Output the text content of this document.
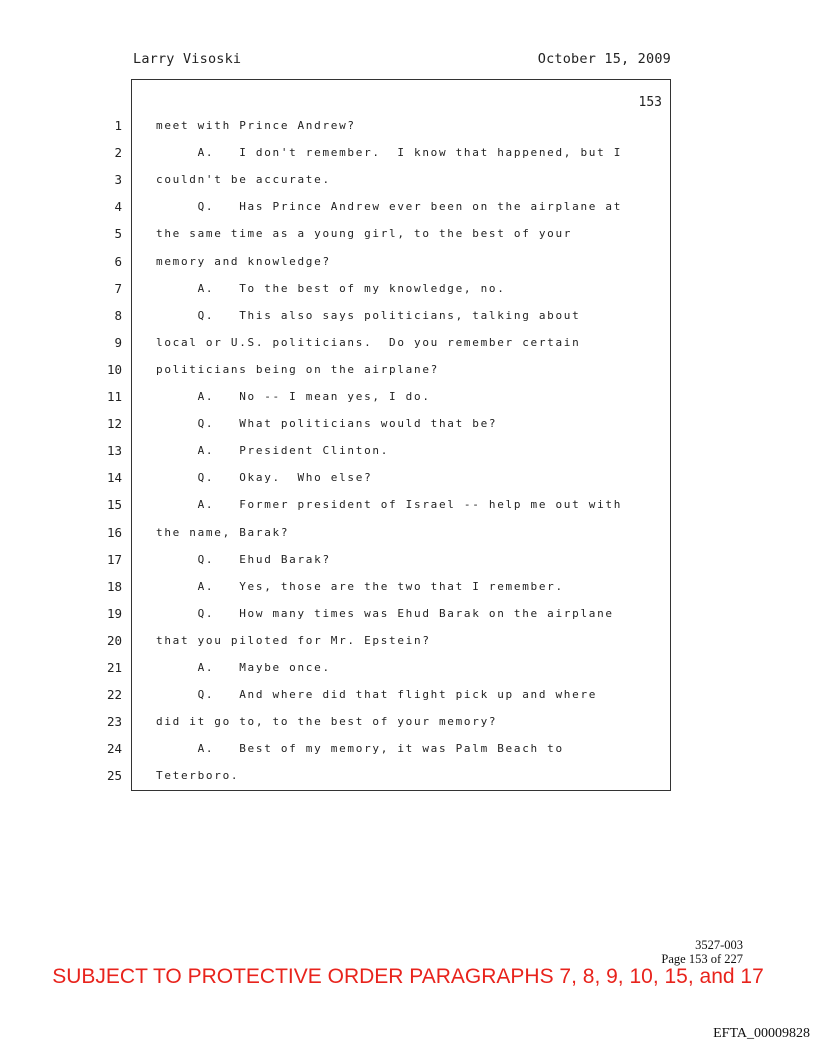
Larry Visoski	October 15, 2009
153
1	meet with Prince Andrew?
2	A.   I don't remember.  I know that happened, but I
3	couldn't be accurate.
4	Q.   Has Prince Andrew ever been on the airplane at
5	the same time as a young girl, to the best of your
6	memory and knowledge?
7	A.   To the best of my knowledge, no.
8	Q.   This also says politicians, talking about
9	local or U.S. politicians.  Do you remember certain
10	politicians being on the airplane?
11	A.   No -- I mean yes, I do.
12	Q.   What politicians would that be?
13	A.   President Clinton.
14	Q.   Okay.  Who else?
15	A.   Former president of Israel -- help me out with
16	the name, Barak?
17	Q.   Ehud Barak?
18	A.   Yes, those are the two that I remember.
19	Q.   How many times was Ehud Barak on the airplane
20	that you piloted for Mr. Epstein?
21	A.   Maybe once.
22	Q.   And where did that flight pick up and where
23	did it go to, to the best of your memory?
24	A.   Best of my memory, it was Palm Beach to
25	Teterboro.
3527-003
Page 153 of 227
SUBJECT TO PROTECTIVE ORDER PARAGRAPHS 7, 8, 9, 10, 15, and 17
EFTA_00009828
